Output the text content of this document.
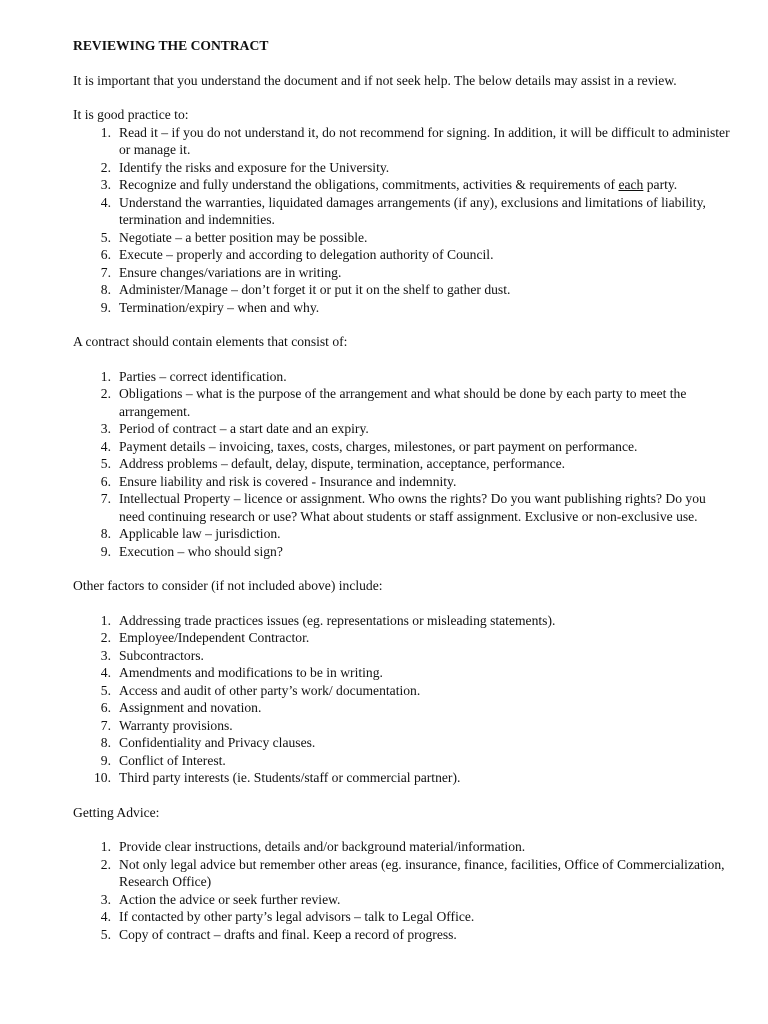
REVIEWING THE CONTRACT

It is important that you understand the document and if not seek help. The below details may assist in a review.

It is good practice to:

1. Read it – if you do not understand it, do not recommend for signing. In addition, it will be difficult to administer or manage it.
2. Identify the risks and exposure for the University.
3. Recognize and fully understand the obligations, commitments, activities & requirements of each party.
4. Understand the warranties, liquidated damages arrangements (if any), exclusions and limitations of liability, termination and indemnities.
5. Negotiate – a better position may be possible.
6. Execute – properly and according to delegation authority of Council.
7. Ensure changes/variations are in writing.
8. Administer/Manage – don’t forget it or put it on the shelf to gather dust.
9. Termination/expiry – when and why.

A contract should contain elements that consist of:

1. Parties – correct identification.
2. Obligations – what is the purpose of the arrangement and what should be done by each party to meet the arrangement.
3. Period of contract – a start date and an expiry.
4. Payment details – invoicing, taxes, costs, charges, milestones, or part payment on performance.
5. Address problems – default, delay, dispute, termination, acceptance, performance.
6. Ensure liability and risk is covered - Insurance and indemnity.
7. Intellectual Property – licence or assignment. Who owns the rights? Do you want publishing rights? Do you need continuing research or use? What about students or staff assignment. Exclusive or non-exclusive use.
8. Applicable law – jurisdiction.
9. Execution – who should sign?

Other factors to consider (if not included above) include:

1. Addressing trade practices issues (eg. representations or misleading statements).
2. Employee/Independent Contractor.
3. Subcontractors.
4. Amendments and modifications to be in writing.
5. Access and audit of other party’s work/ documentation.
6. Assignment and novation.
7. Warranty provisions.
8. Confidentiality and Privacy clauses.
9. Conflict of Interest.
10. Third party interests (ie. Students/staff or commercial partner).

Getting Advice:

1. Provide clear instructions, details and/or background material/information.
2. Not only legal advice but remember other areas (eg. insurance, finance, facilities, Office of Commercialization, Research Office)
3. Action the advice or seek further review.
4. If contacted by other party’s legal advisors – talk to Legal Office.
5. Copy of contract – drafts and final. Keep a record of progress.
